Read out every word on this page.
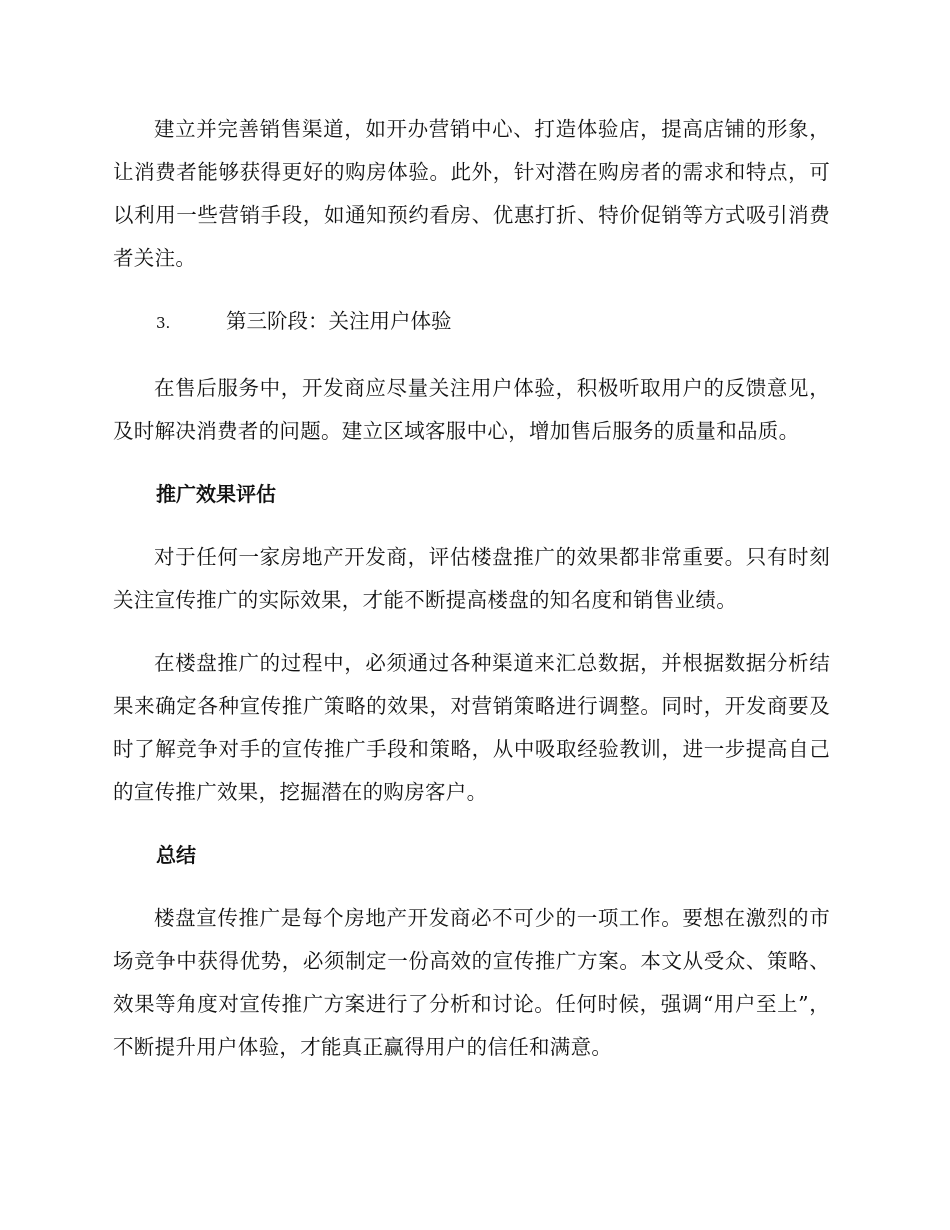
建立并完善销售渠道，如开办营销中心、打造体验店，提高店铺的形象，让消费者能够获得更好的购房体验。此外，针对潜在购房者的需求和特点，可以利用一些营销手段，如通知预约看房、优惠打折、特价促销等方式吸引消费者关注。

3.	第三阶段：关注用户体验

在售后服务中，开发商应尽量关注用户体验，积极听取用户的反馈意见，及时解决消费者的问题。建立区域客服中心，增加售后服务的质量和品质。

推广效果评估

对于任何一家房地产开发商，评估楼盘推广的效果都非常重要。只有时刻关注宣传推广的实际效果，才能不断提高楼盘的知名度和销售业绩。

在楼盘推广的过程中，必须通过各种渠道来汇总数据，并根据数据分析结果来确定各种宣传推广策略的效果，对营销策略进行调整。同时，开发商要及时了解竞争对手的宣传推广手段和策略，从中吸取经验教训，进一步提高自己的宣传推广效果，挖掘潜在的购房客户。

总结

楼盘宣传推广是每个房地产开发商必不可少的一项工作。要想在激烈的市场竞争中获得优势，必须制定一份高效的宣传推广方案。本文从受众、策略、效果等角度对宣传推广方案进行了分析和讨论。任何时候，强调“用户至上”，不断提升用户体验，才能真正赢得用户的信任和满意。
